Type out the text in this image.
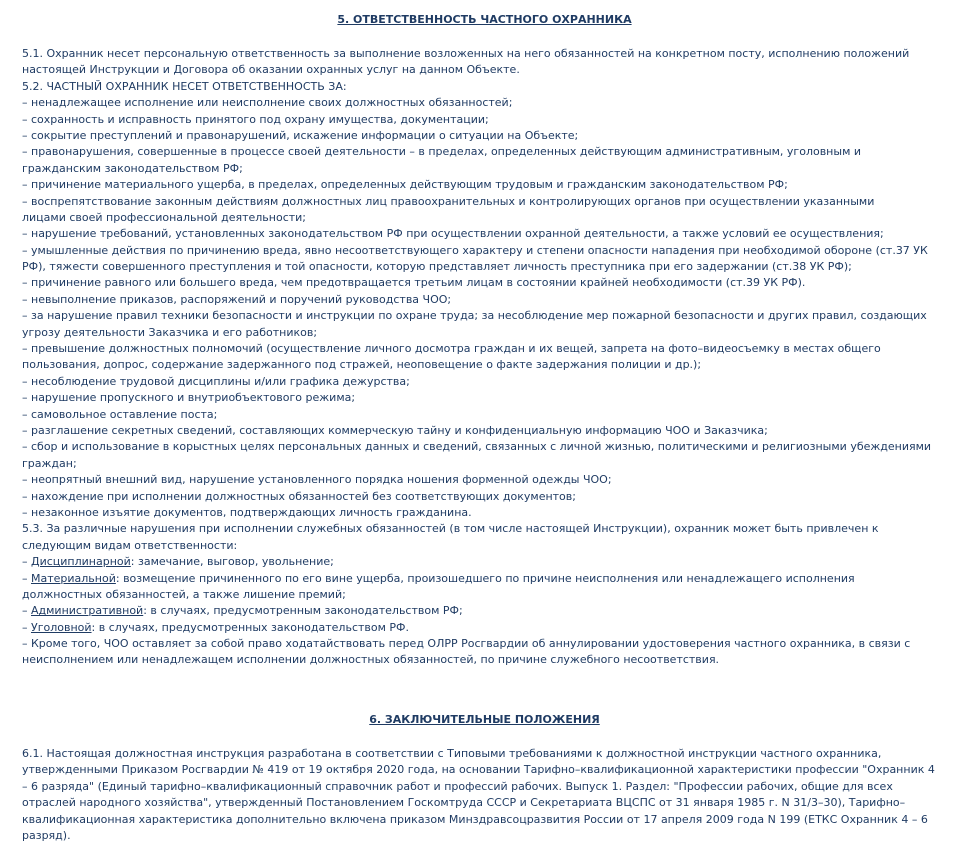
5. ОТВЕТСТВЕННОСТЬ ЧАСТНОГО ОХРАННИКА
5.1. Охранник несет персональную ответственность за выполнение возложенных на него обязанностей на конкретном посту, исполнению положений
настоящей Инструкции и Договора об оказании охранных услуг на данном Объекте.
5.2. ЧАСТНЫЙ ОХРАННИК НЕСЕТ ОТВЕТСТВЕННОСТЬ ЗА:
– ненадлежащее исполнение или неисполнение своих должностных обязанностей;
– сохранность и исправность принятого под охрану имущества, документации;
– сокрытие преступлений и правонарушений, искажение информации о ситуации на Объекте;
– правонарушения, совершенные в процессе своей деятельности – в пределах, определенных действующим административным, уголовным и
гражданским законодательством РФ;
– причинение материального ущерба, в пределах, определенных действующим трудовым и гражданским законодательством РФ;
– воспрепятствование законным действиям должностных лиц правоохранительных и контролирующих органов при осуществлении указанными
лицами своей профессиональной деятельности;
– нарушение требований, установленных законодательством РФ при осуществлении охранной деятельности, а также условий ее осуществления;
– умышленные действия по причинению вреда, явно несоответствующего характеру и степени опасности нападения при необходимой обороне (ст.37 УК
РФ), тяжести совершенного преступления и той опасности, которую представляет личность преступника при его задержании (ст.38 УК РФ);
– причинение равного или большего вреда, чем предотвращается третьим лицам в состоянии крайней необходимости (ст.39 УК РФ).
– невыполнение приказов, распоряжений и поручений руководства ЧОО;
– за нарушение правил техники безопасности и инструкции по охране труда; за несоблюдение мер пожарной безопасности и других правил, создающих
угрозу деятельности Заказчика и его работников;
– превышение должностных полномочий (осуществление личного досмотра граждан и их вещей, запрета на фото–видеосъемку в местах общего
пользования, допрос, содержание задержанного под стражей, неоповещение о факте задержания полиции и др.);
– несоблюдение трудовой дисциплины и/или графика дежурства;
– нарушение пропускного и внутриобъектового режима;
– самовольное оставление поста;
– разглашение секретных сведений, составляющих коммерческую тайну и конфиденциальную информацию ЧОО и Заказчика;
– сбор и использование в корыстных целях персональных данных и сведений, связанных с личной жизнью, политическими и религиозными убеждениями
граждан;
– неопрятный внешний вид, нарушение установленного порядка ношения форменной одежды ЧОО;
– нахождение при исполнении должностных обязанностей без соответствующих документов;
– незаконное изъятие документов, подтверждающих личность гражданина.
5.3. За различные нарушения при исполнении служебных обязанностей (в том числе настоящей Инструкции), охранник может быть привлечен к
следующим видам ответственности:
– Дисциплинарной: замечание, выговор, увольнение;
– Материальной: возмещение причиненного по его вине ущерба, произошедшего по причине неисполнения или ненадлежащего исполнения
должностных обязанностей, а также лишение премий;
– Административной: в случаях, предусмотренным законодательством РФ;
– Уголовной: в случаях, предусмотренных законодательством РФ.
– Кроме того, ЧОО оставляет за собой право ходатайствовать перед ОЛРР Росгвардии об аннулировании удостоверения частного охранника, в связи с
неисполнением или ненадлежащем исполнении должностных обязанностей, по причине служебного несоответствия.
6. ЗАКЛЮЧИТЕЛЬНЫЕ ПОЛОЖЕНИЯ
6.1. Настоящая должностная инструкция разработана в соответствии с Типовыми требованиями к должностной инструкции частного охранника,
утвержденными Приказом Росгвардии № 419 от 19 октября 2020 года, на основании Тарифно–квалификационной характеристики профессии "Охранник 4
– 6 разряда" (Единый тарифно–квалификационный справочник работ и профессий рабочих. Выпуск 1. Раздел: "Профессии рабочих, общие для всех
отраслей народного хозяйства", утвержденный Постановлением Госкомтруда СССР и Секретариата ВЦСПС от 31 января 1985 г. N 31/3–30), Тарифно–
квалификационная характеристика дополнительно включена приказом Минздравсоцразвития России от 17 апреля 2009 года N 199 (ЕТКС Охранник 4 – 6
разряд).
